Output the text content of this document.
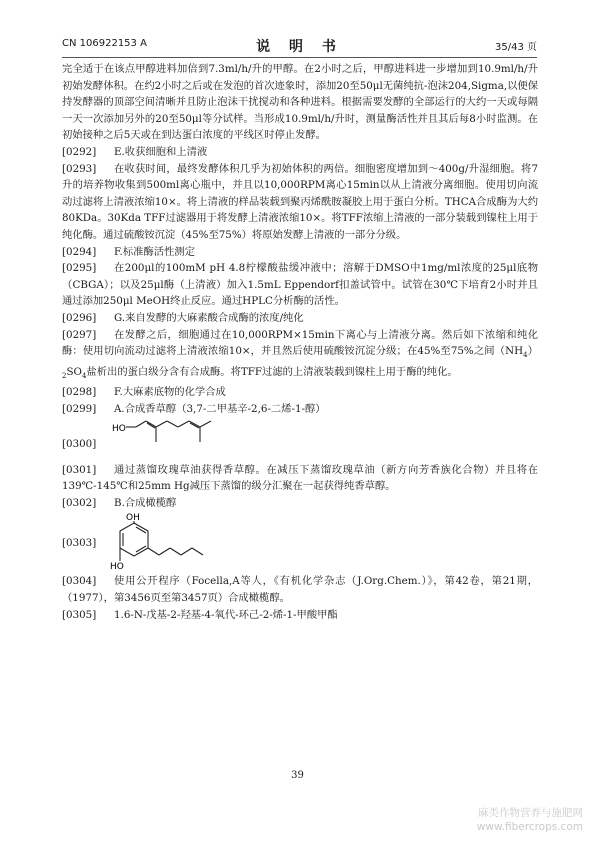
CN 106922153 A	说 明 书	35/43 页

完全适于在该点甲醇进料加倍到7.3ml/h/升的甲醇。在2小时之后，甲醇进料进一步增加到10.9ml/h/升初始发酵体积。在约2小时之后或在发泡的首次迹象时，添加20至50μl无菌纯抗-泡沫204,Sigma,以便保持发酵器的顶部空间清晰并且防止泡沫干扰搅动和各种进料。根据需要发酵的全部运行的大约一天或每隔一天一次添加另外的20至50μl等分试样。当形成10.9ml/h/升时，测量酶活性并且其后每8小时监测。在初始接种之后5天或在到达蛋白浓度的平线区时停止发酵。

[0292] E.收获细胞和上清液

[0293] 在收获时间，最终发酵体积几乎为初始体积的两倍。细胞密度增加到～400g/升湿细胞。将7升的培养物收集到500ml离心瓶中，并且以10,000RPM离心15min以从上清液分离细胞。使用切向流动过滤将上清液浓缩10×。将上清液的样品装载到聚丙烯酰胺凝胶上用于蛋白分析。THCA合成酶为大约80KDa。30Kda TFF过滤器用于将发酵上清液浓缩10×。将TFF浓缩上清液的一部分装载到镍柱上用于纯化酶。通过硫酸铵沉淀（45%至75%）将原始发酵上清液的一部分分级。

[0294] F.标准酶活性测定

[0295] 在200μl的100mM pH 4.8柠檬酸盐缓冲液中；溶解于DMSO中1mg/ml浓度的25μl底物（CBGA）；以及25μl酶（上清液）加入1.5mL Eppendorf扣盖试管中。试管在30℃下培育2小时并且通过添加250μl MeOH终止反应。通过HPLC分析酶的活性。

[0296] G.来自发酵的大麻素酸合成酶的浓度/纯化

[0297] 在发酵之后，细胞通过在10,000RPM×15min下离心与上清液分离。然后如下浓缩和纯化酶：使用切向流动过滤将上清液浓缩10×，并且然后使用硫酸铵沉淀分级；在45%至75%之间$(NH_4)_2SO_4$盐析出的蛋白级分含有合成酶。将TFF过滤的上清液装载到镍柱上用于酶的纯化。

[0298] F.大麻素底物的化学合成

[0299] A.合成香草醇（3,7-二甲基辛-2,6-二烯-1-醇）

[0300]
HO

[0301] 通过蒸馏玫瑰草油获得香草醇。在减压下蒸馏玫瑰草油（新方向芳香族化合物）并且将在139℃-145℃和25mm Hg减压下蒸馏的级分汇聚在一起获得纯香草醇。

[0302] B.合成橄榄醇

[0303]
OH
HO

[0304] 使用公开程序（Focella,A等人，《有机化学杂志（J.Org.Chem.）》，第42卷，第21期，（1977），第3456页至第3457页）合成橄榄醇。

[0305] 1.6-N-戊基-2-羟基-4-氧代-环己-2-烯-1-甲酸甲酯

39
麻类作物营养与施肥网
www.fibercrops.com
